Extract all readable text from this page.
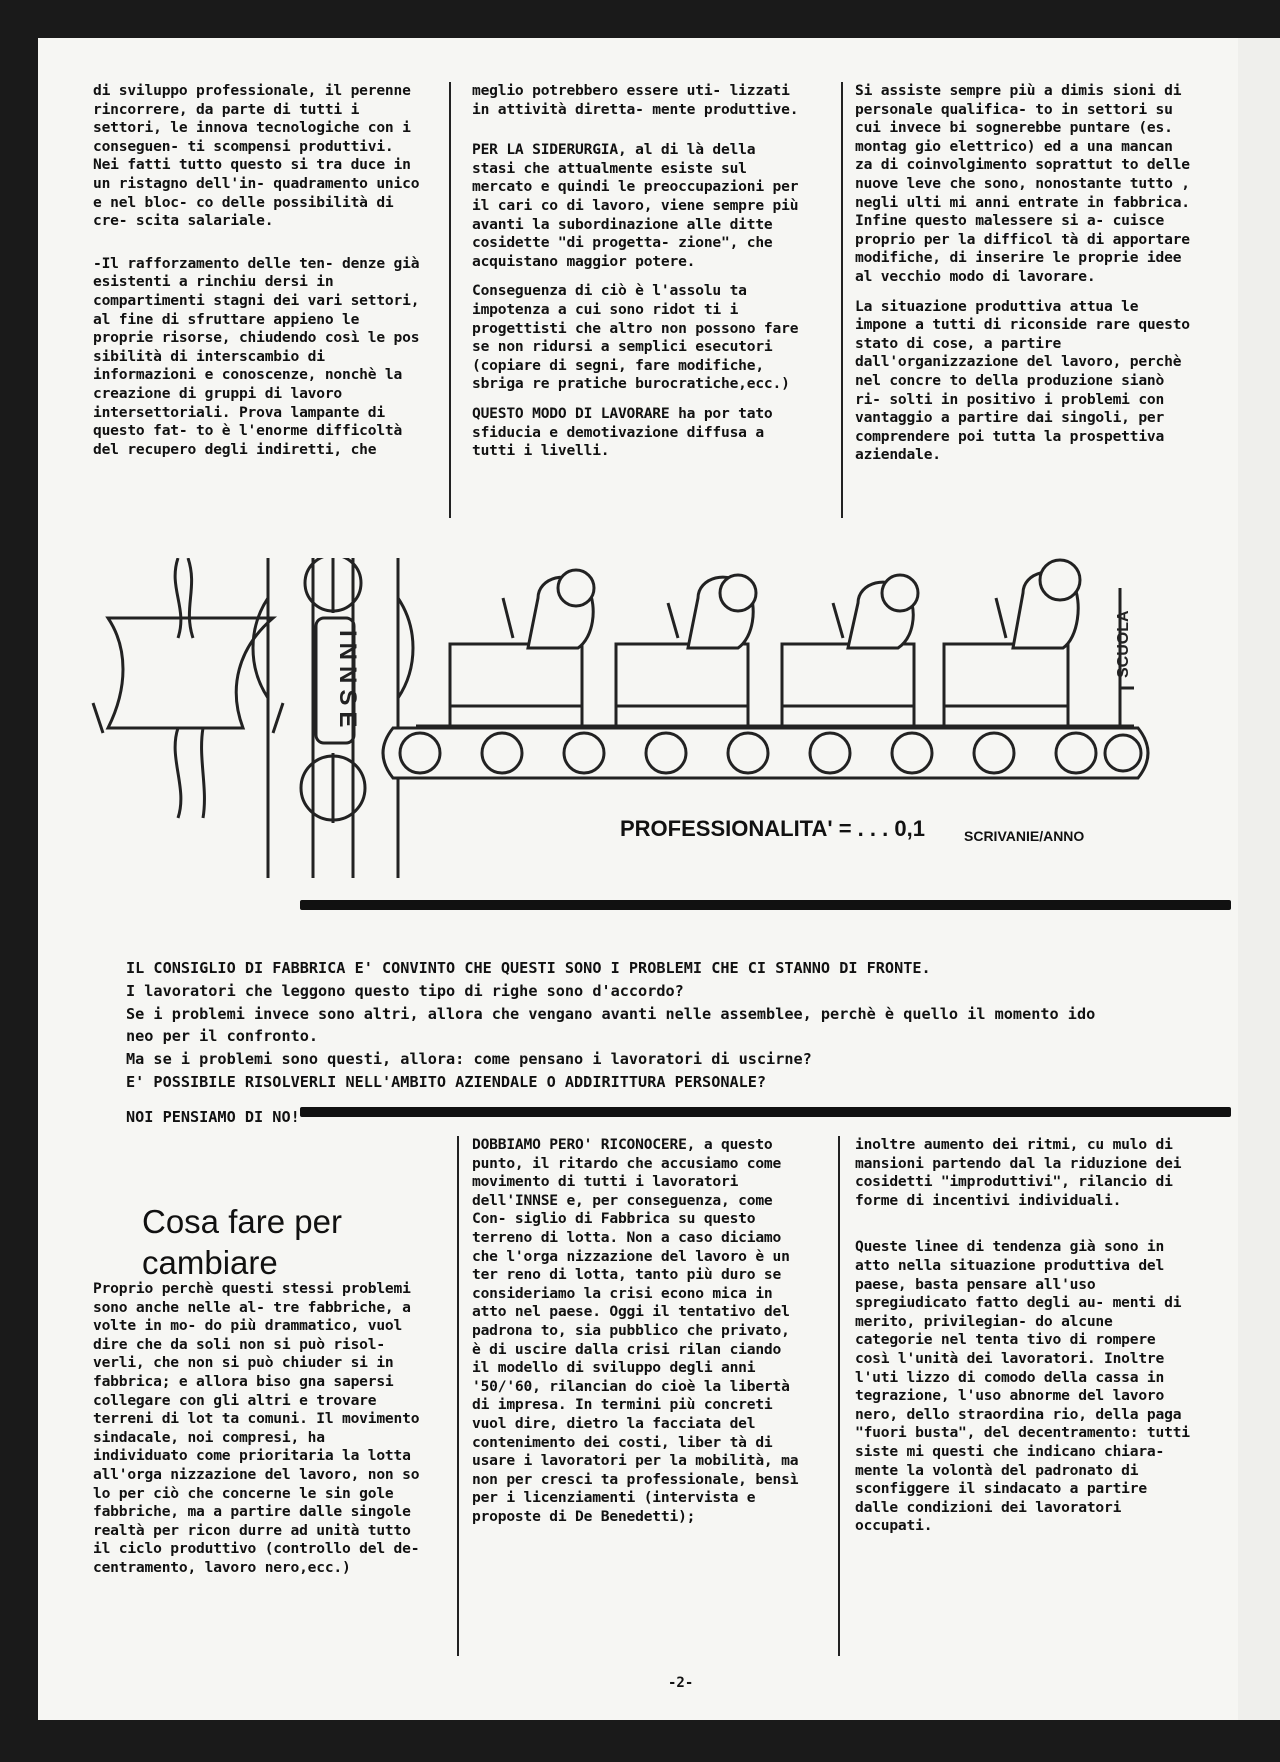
di sviluppo professionale, il perenne rincorrere, da parte di tutti i settori, le innova tecnologiche con i conseguen- ti scompensi produttivi. Nei fatti tutto questo si tra duce in un ristagno dell'in- quadramento unico e nel bloc- co delle possibilità di cre- scita salariale.

-Il rafforzamento delle ten- denze già esistenti a rinchiu dersi in compartimenti stagni dei vari settori, al fine di sfruttare appieno le proprie risorse, chiudendo così le pos sibilità di interscambio di informazioni e conoscenze, nonchè la creazione di gruppi di lavoro intersettoriali. Prova lampante di questo fat- to è l'enorme difficoltà del recupero degli indiretti, che

meglio potrebbero essere uti- lizzati in attività diretta- mente produttive.

PER LA SIDERURGIA, al di là della stasi che attualmente esiste sul mercato e quindi le preoccupazioni per il cari co di lavoro, viene sempre più avanti la subordinazione alle ditte cosidette "di progetta- zione", che acquistano maggior potere.

Conseguenza di ciò è l'assolu ta impotenza a cui sono ridot ti i progettisti che altro non possono fare se non ridursi a semplici esecutori (copiare di segni, fare modifiche, sbriga re pratiche burocratiche,ecc.)

QUESTO MODO DI LAVORARE ha por tato sfiducia e demotivazione diffusa a tutti i livelli.

Si assiste sempre più a dimis sioni di personale qualifica- to in settori su cui invece bi sognerebbe puntare (es. montag gio elettrico) ed a una mancan za di coinvolgimento soprattut to delle nuove leve che sono, nonostante tutto , negli ulti mi anni entrate in fabbrica. Infine questo malessere si a- cuisce proprio per la difficol tà di apportare modifiche, di inserire le proprie idee al vecchio modo di lavorare.

La situazione produttiva attua le impone a tutti di riconside rare questo stato di cose, a partire dall'organizzazione del lavoro, perchè nel concre to della produzione sianò ri- solti in positivo i problemi con vantaggio a partire dai singoli, per comprendere poi tutta la prospettiva aziendale.

INNSE	SCUOLA
PROFESSIONALITA' = . . . 0,1	SCRIVANIE/ANNO
IL CONSIGLIO DI FABBRICA E' CONVINTO CHE QUESTI SONO I PROBLEMI CHE CI STANNO DI FRONTE.
I lavoratori che leggono questo tipo di righe sono d'accordo?
Se i problemi invece sono altri, allora che vengano avanti nelle assemblee, perchè è quello il momento ido
neo per il confronto.
Ma se i problemi sono questi, allora: come pensano i lavoratori di uscirne?
E' POSSIBILE RISOLVERLI NELL'AMBITO AZIENDALE O ADDIRITTURA PERSONALE?
NOI PENSIAMO DI NO!
Cosa fare per cambiare

Proprio perchè questi stessi problemi sono anche nelle al- tre fabbriche, a volte in mo- do più drammatico, vuol dire che da soli non si può risol- verli, che non si può chiuder si in fabbrica; e allora biso gna sapersi collegare con gli altri e trovare terreni di lot ta comuni. Il movimento sindacale, noi compresi, ha individuato come prioritaria la lotta all'orga nizzazione del lavoro, non so lo per ciò che concerne le sin gole fabbriche, ma a partire dalle singole realtà per ricon durre ad unità tutto il ciclo produttivo (controllo del de- centramento, lavoro nero,ecc.)

DOBBIAMO PERO' RICONOCERE, a questo punto, il ritardo che accusiamo come movimento di tutti i lavoratori dell'INNSE e, per conseguenza, come Con- siglio di Fabbrica su questo terreno di lotta. Non a caso diciamo che l'orga nizzazione del lavoro è un ter reno di lotta, tanto più duro se consideriamo la crisi econo mica in atto nel paese. Oggi il tentativo del padrona to, sia pubblico che privato, è di uscire dalla crisi rilan ciando il modello di sviluppo degli anni '50/'60, rilancian do cioè la libertà di impresa. In termini più concreti vuol dire, dietro la facciata del contenimento dei costi, liber tà di usare i lavoratori per la mobilità, ma non per cresci ta professionale, bensì per i licenziamenti (intervista e proposte di De Benedetti);

inoltre aumento dei ritmi, cu mulo di mansioni partendo dal la riduzione dei cosidetti "improduttivi", rilancio di forme di incentivi individuali.

Queste linee di tendenza già sono in atto nella situazione produttiva del paese, basta pensare all'uso spregiudicato fatto degli au- menti di merito, privilegian- do alcune categorie nel tenta tivo di rompere così l'unità dei lavoratori. Inoltre l'uti lizzo di comodo della cassa in tegrazione, l'uso abnorme del lavoro nero, dello straordina rio, della paga "fuori busta", del decentramento: tutti siste mi questi che indicano chiara- mente la volontà del padronato di sconfiggere il sindacato a partire dalle condizioni dei lavoratori occupati.

-2-
